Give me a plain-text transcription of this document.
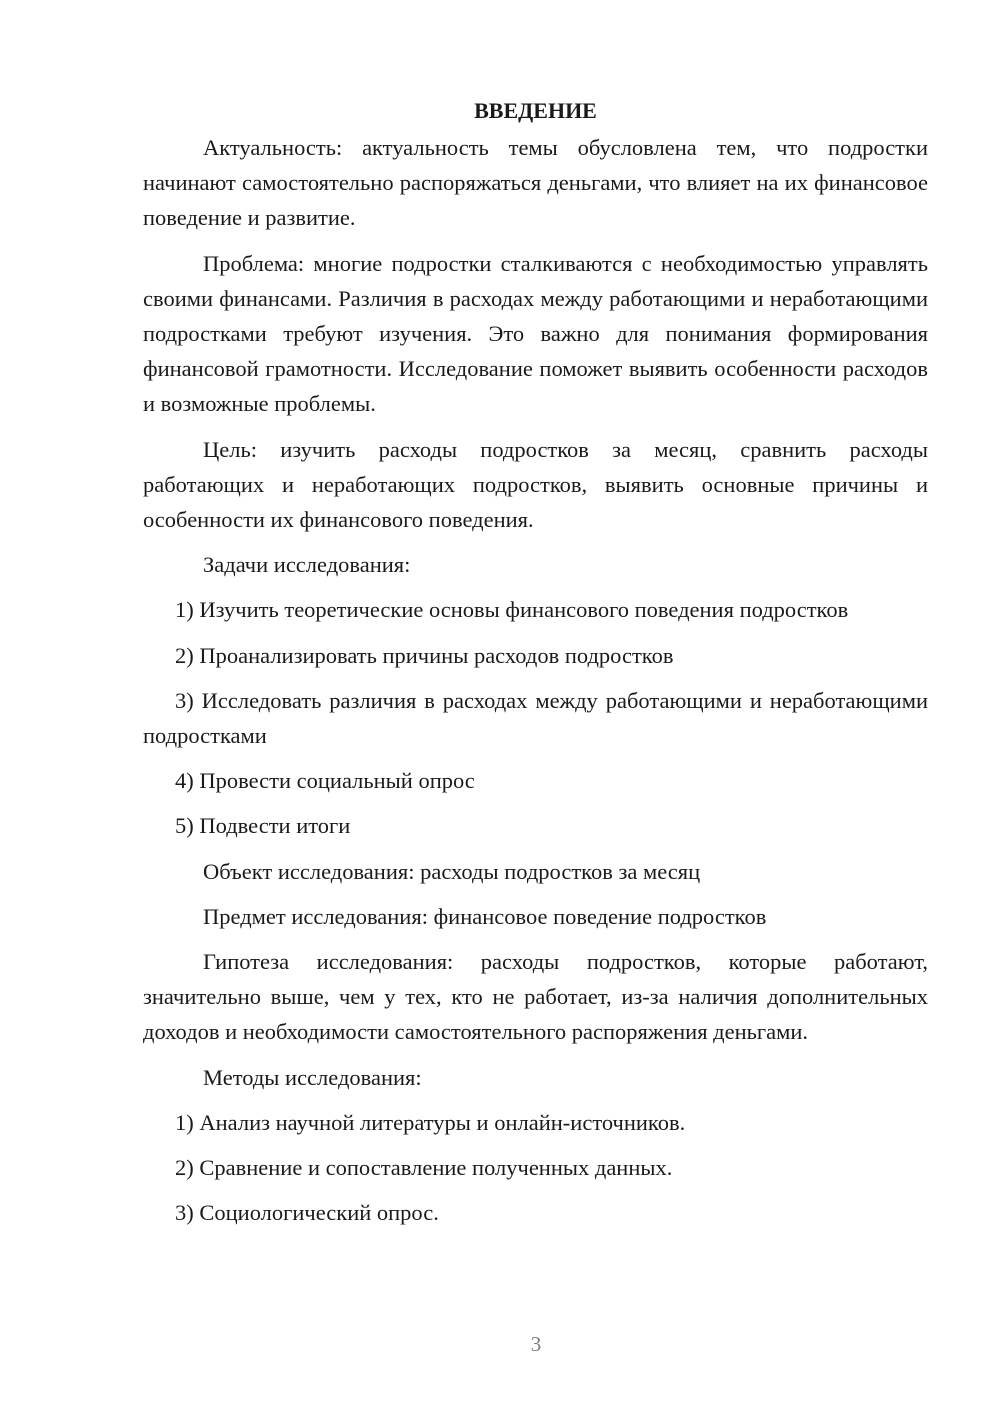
ВВЕДЕНИЕ

Актуальность: актуальность темы обусловлена тем, что подростки начинают самостоятельно распоряжаться деньгами, что влияет на их финансовое поведение и развитие.

Проблема: многие подростки сталкиваются с необходимостью управлять своими финансами. Различия в расходах между работающими и неработающими подростками требуют изучения. Это важно для понимания формирования финансовой грамотности. Исследование поможет выявить особенности расходов и возможные проблемы.

Цель: изучить расходы подростков за месяц, сравнить расходы работающих и неработающих подростков, выявить основные причины и особенности их финансового поведения.

Задачи исследования:

1) Изучить теоретические основы финансового поведения подростков

2) Проанализировать причины расходов подростков

3) Исследовать различия в расходах между работающими и неработающими подростками

4) Провести социальный опрос

5) Подвести итоги

Объект исследования: расходы подростков за месяц

Предмет исследования: финансовое поведение подростков

Гипотеза исследования: расходы подростков, которые работают, значительно выше, чем у тех, кто не работает, из-за наличия дополнительных доходов и необходимости самостоятельного распоряжения деньгами.

Методы исследования:

1) Анализ научной литературы и онлайн-источников.

2) Сравнение и сопоставление полученных данных.

3) Социологический опрос.

3
